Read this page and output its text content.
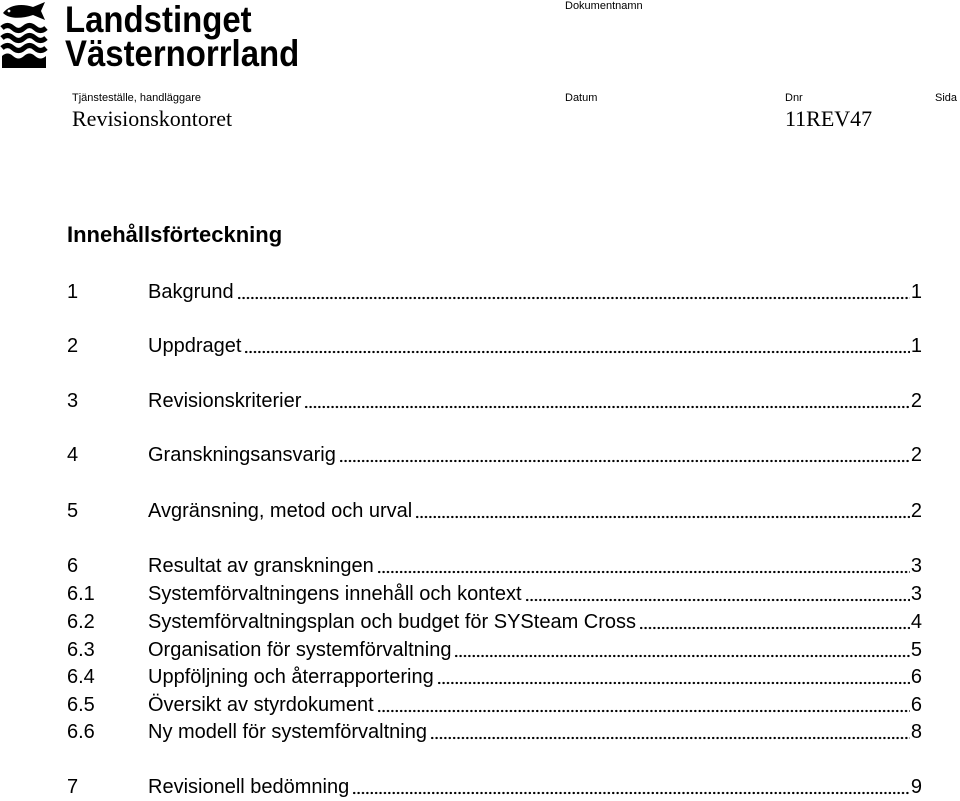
Landstinget
Västernorrland
Dokumentnamn
Tjänsteställe, handläggare	Datum	Dnr	Sida
Revisionskontoret	11REV47
Innehållsförteckning
1	Bakgrund	1
2	Uppdraget	1
3	Revisionskriterier	2
4	Granskningsansvarig	2
5	Avgränsning, metod och urval	2
6	Resultat av granskningen	3
6.1	Systemförvaltningens innehåll och kontext	3
6.2	Systemförvaltningsplan och budget för SYSteam Cross	4
6.3	Organisation för systemförvaltning	5
6.4	Uppföljning och återrapportering	6
6.5	Översikt av styrdokument	6
6.6	Ny modell för systemförvaltning	8
7	Revisionell bedömning	9
